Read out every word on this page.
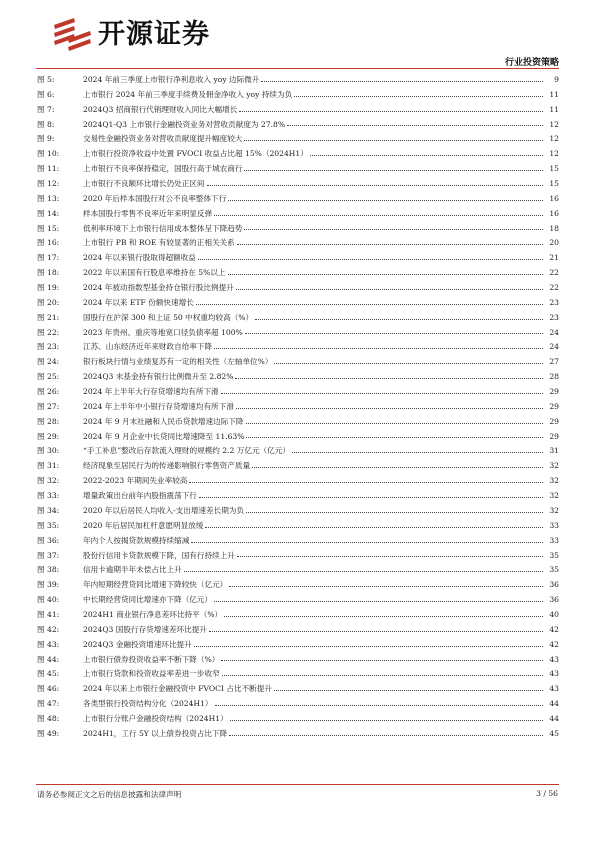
开源证券
行业投资策略
图 5:	2024 年前三季度上市银行净利息收入 yoy 边际微升	9
图 6:	上市银行 2024 年前三季度手续费及佣金净收入 yoy 持续为负	11
图 7:	2024Q3 招商银行代销理财收入同比大幅增长	11
图 8:	2024Q1-Q3 上市银行金融投资业务对营收贡献度为 27.8%	12
图 9:	交易性金融投资业务对营收贡献度提升幅度较大	12
图 10:	上市银行投资净收益中处置 FVOCI 收益占比超 15%（2024H1）	12
图 11:	上市银行不良率保持稳定，国股行高于城农商行	15
图 12:	上市银行不良额环比增长仍处正区间	15
图 13:	2020 年后样本国股行对公不良率整体下行	16
图 14:	样本国股行零售不良率近年来明显反弹	16
图 15:	低利率环境下上市银行信用成本整体呈下降趋势	18
图 16:	上市银行 PB 和 ROE 有较显著的正相关关系	20
图 17:	2024 年以来银行股取得超额收益	21
图 18:	2022 年以来国有行股息率维持在 5%以上	22
图 19:	2024 年被动指数型基金持仓银行股比例提升	22
图 20:	2024 年以来 ETF 份额快速增长	23
图 21:	国股行在沪深 300 和上证 50 中权重均较高（%）	23
图 22:	2023 年贵州、重庆等地宽口径负债率超 100%	24
图 23:	江苏、山东经济近年来财政自给率下降	24
图 24:	银行板块行情与业绩复苏有一定的相关性（左轴单位%）	27
图 25:	2024Q3 末基金持有银行比例微升至 2.82%	28
图 26:	2024 年上半年大行存贷增速均有所下滑	29
图 27:	2024 年上半年中小银行存贷增速均有所下滑	29
图 28:	2024 年 9 月末社融和人民币贷款增速边际下降	29
图 29:	2024 年 9 月企业中长贷同比增速降至 11.63%	29
图 30:	“手工补息”整改后存款流入理财的规模约 2.2 万亿元（亿元）	31
图 31:	经济现象至居民行为的传递影响银行零售资产质量	32
图 32:	2022-2023 年期间失业率较高	32
图 33:	增量政策出台前年内股指震荡下行	32
图 34:	2020 年以后居民人均收入-支出增速差长期为负	32
图 35:	2020 年后居民加杠杆意愿明显放缓	33
图 36:	年内个人按揭贷款规模持续缩减	33
图 37:	股份行信用卡贷款规模下降，国有行持续上升	35
图 38:	信用卡逾期半年未偿占比上升	35
图 39:	年内短期经营贷同比增速下降较快（亿元）	36
图 40:	中长期经营贷同比增速亦下降（亿元）	36
图 41:	2024H1 商业银行净息差环比持平（%）	40
图 42:	2024Q3 国股行存贷增速差环比提升	42
图 43:	2024Q3 金融投资增速环比提升	42
图 44:	上市银行债券投资收益率不断下降（%）	43
图 45:	上市银行贷款和投资收益率差进一步收窄	43
图 46:	2024 年以来上市银行金融投资中 FVOCI 占比不断提升	43
图 47:	各类型银行投资结构分化（2024H1）	44
图 48:	上市银行分账户金融投资结构（2024H1）	44
图 49:	2024H1，工行 5Y 以上债券投资占比下降	45
请务必参阅正文之后的信息披露和法律声明	3 / 56
